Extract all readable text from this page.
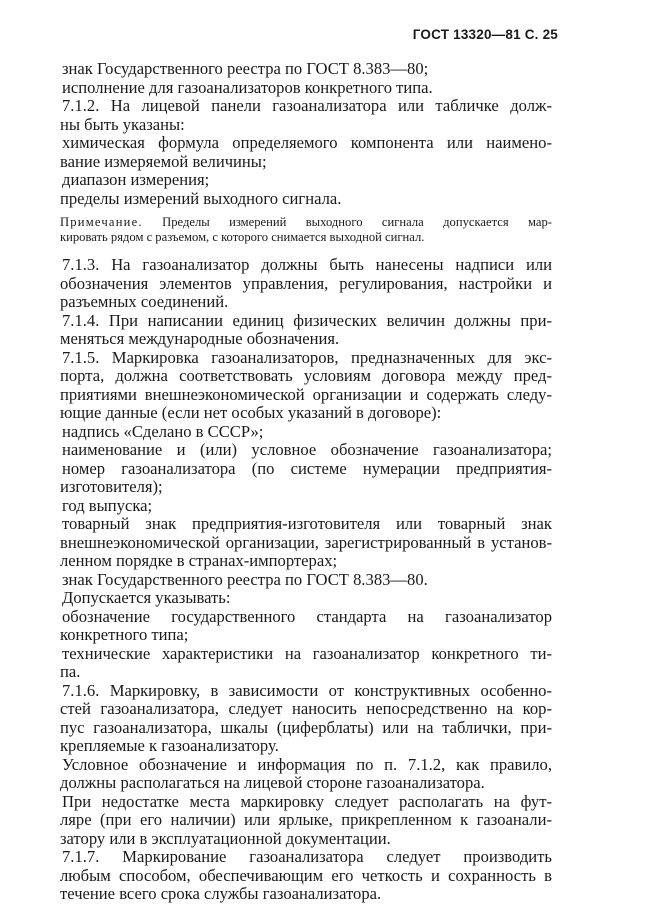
ГОСТ 13320—81 С. 25
знак Государственного реестра по ГОСТ 8.383—80;
исполнение для газоанализаторов конкретного типа.
7.1.2. На лицевой панели газоанализатора или табличке долж-
ны быть указаны:
химическая формула определяемого компонента или наимено-
вание измеряемой величины;
диапазон измерения;
пределы измерений выходного сигнала.
Примечание. Пределы измерений выходного сигнала допускается мар-
кировать рядом с разъемом, с которого снимается выходной сигнал.
7.1.3. На газоанализатор должны быть нанесены надписи или
обозначения элементов управления, регулирования, настройки и
разъемных соединений.
7.1.4. При написании единиц физических величин должны при-
меняться международные обозначения.
7.1.5. Маркировка газоанализаторов, предназначенных для экс-
порта, должна соответствовать условиям договора между пред-
приятиями внешнеэкономической организации и содержать следу-
ющие данные (если нет особых указаний в договоре):
надпись «Сделано в СССР»;
наименование и (или) условное обозначение газоанализатора;
номер газоанализатора (по системе нумерации предприятия-
изготовителя);
год выпуска;
товарный знак предприятия-изготовителя или товарный знак
внешнеэкономической организации, зарегистрированный в установ-
ленном порядке в странах-импортерах;
знак Государственного реестра по ГОСТ 8.383—80.
Допускается указывать:
обозначение государственного стандарта на газоанализатор
конкретного типа;
технические характеристики на газоанализатор конкретного ти-
па.
7.1.6. Маркировку, в зависимости от конструктивных особенно-
стей газоанализатора, следует наносить непосредственно на кор-
пус газоанализатора, шкалы (циферблаты) или на таблички, при-
крепляемые к газоанализатору.
Условное обозначение и информация по п. 7.1.2, как правило,
должны располагаться на лицевой стороне газоанализатора.
При недостатке места маркировку следует располагать на фут-
ляре (при его наличии) или ярлыке, прикрепленном к газоанали-
затору или в эксплуатационной документации.
7.1.7. Маркирование газоанализатора следует производить
любым способом, обеспечивающим его четкость и сохранность в
течение всего срока службы газоанализатора.
